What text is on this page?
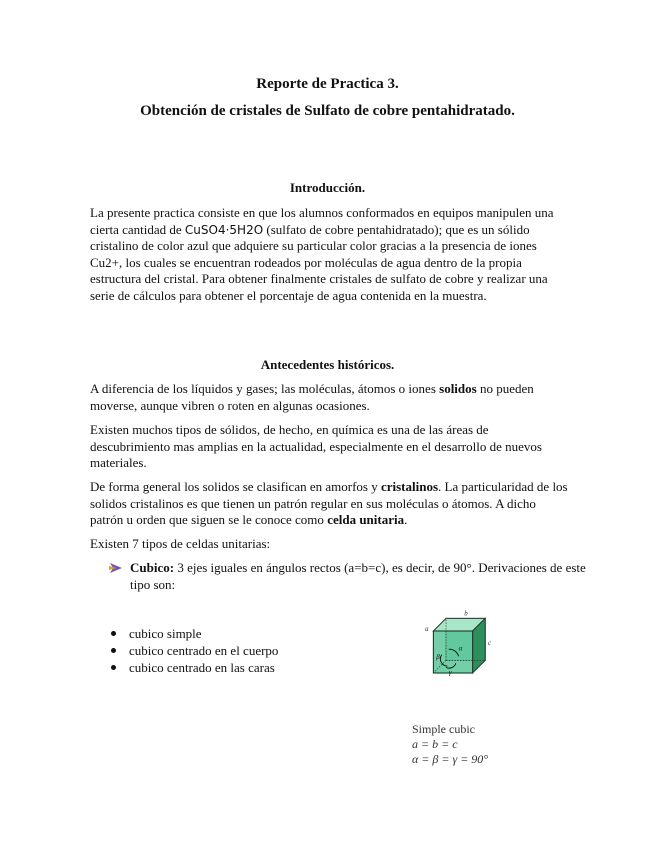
Reporte de Practica 3.
Obtención de cristales de Sulfato de cobre pentahidratado.
Introducción.
La presente practica consiste en que los alumnos conformados en equipos manipulen una cierta cantidad de CuSO4·5H2O (sulfato de cobre pentahidratado); que es un sólido cristalino de color azul que adquiere su particular color gracias a la presencia de iones Cu2+, los cuales se encuentran rodeados por moléculas de agua dentro de la propia estructura del cristal. Para obtener finalmente cristales de sulfato de cobre y realizar una serie de cálculos para obtener el porcentaje de agua contenida en la muestra.
Antecedentes históricos.
A diferencia de los líquidos y gases; las moléculas, átomos o iones solidos no pueden moverse, aunque vibren o roten en algunas ocasiones.
Existen muchos tipos de sólidos, de hecho, en química es una de las áreas de descubrimiento mas amplias en la actualidad, especialmente en el desarrollo de nuevos materiales.
De forma general los solidos se clasifican en amorfos y cristalinos. La particularidad de los solidos cristalinos es que tienen un patrón regular en sus moléculas o átomos. A dicho patrón u orden que siguen se le conoce como celda unitaria.
Existen 7 tipos de celdas unitarias:
Cubico: 3 ejes iguales en ángulos rectos (a=b=c), es decir, de 90°. Derivaciones de este tipo son:
cubico simple
cubico centrado en el cuerpo
cubico centrado en las caras
a
b
c
α
β
γ
Simple cubic
a = b = c
α = β = γ = 90°
